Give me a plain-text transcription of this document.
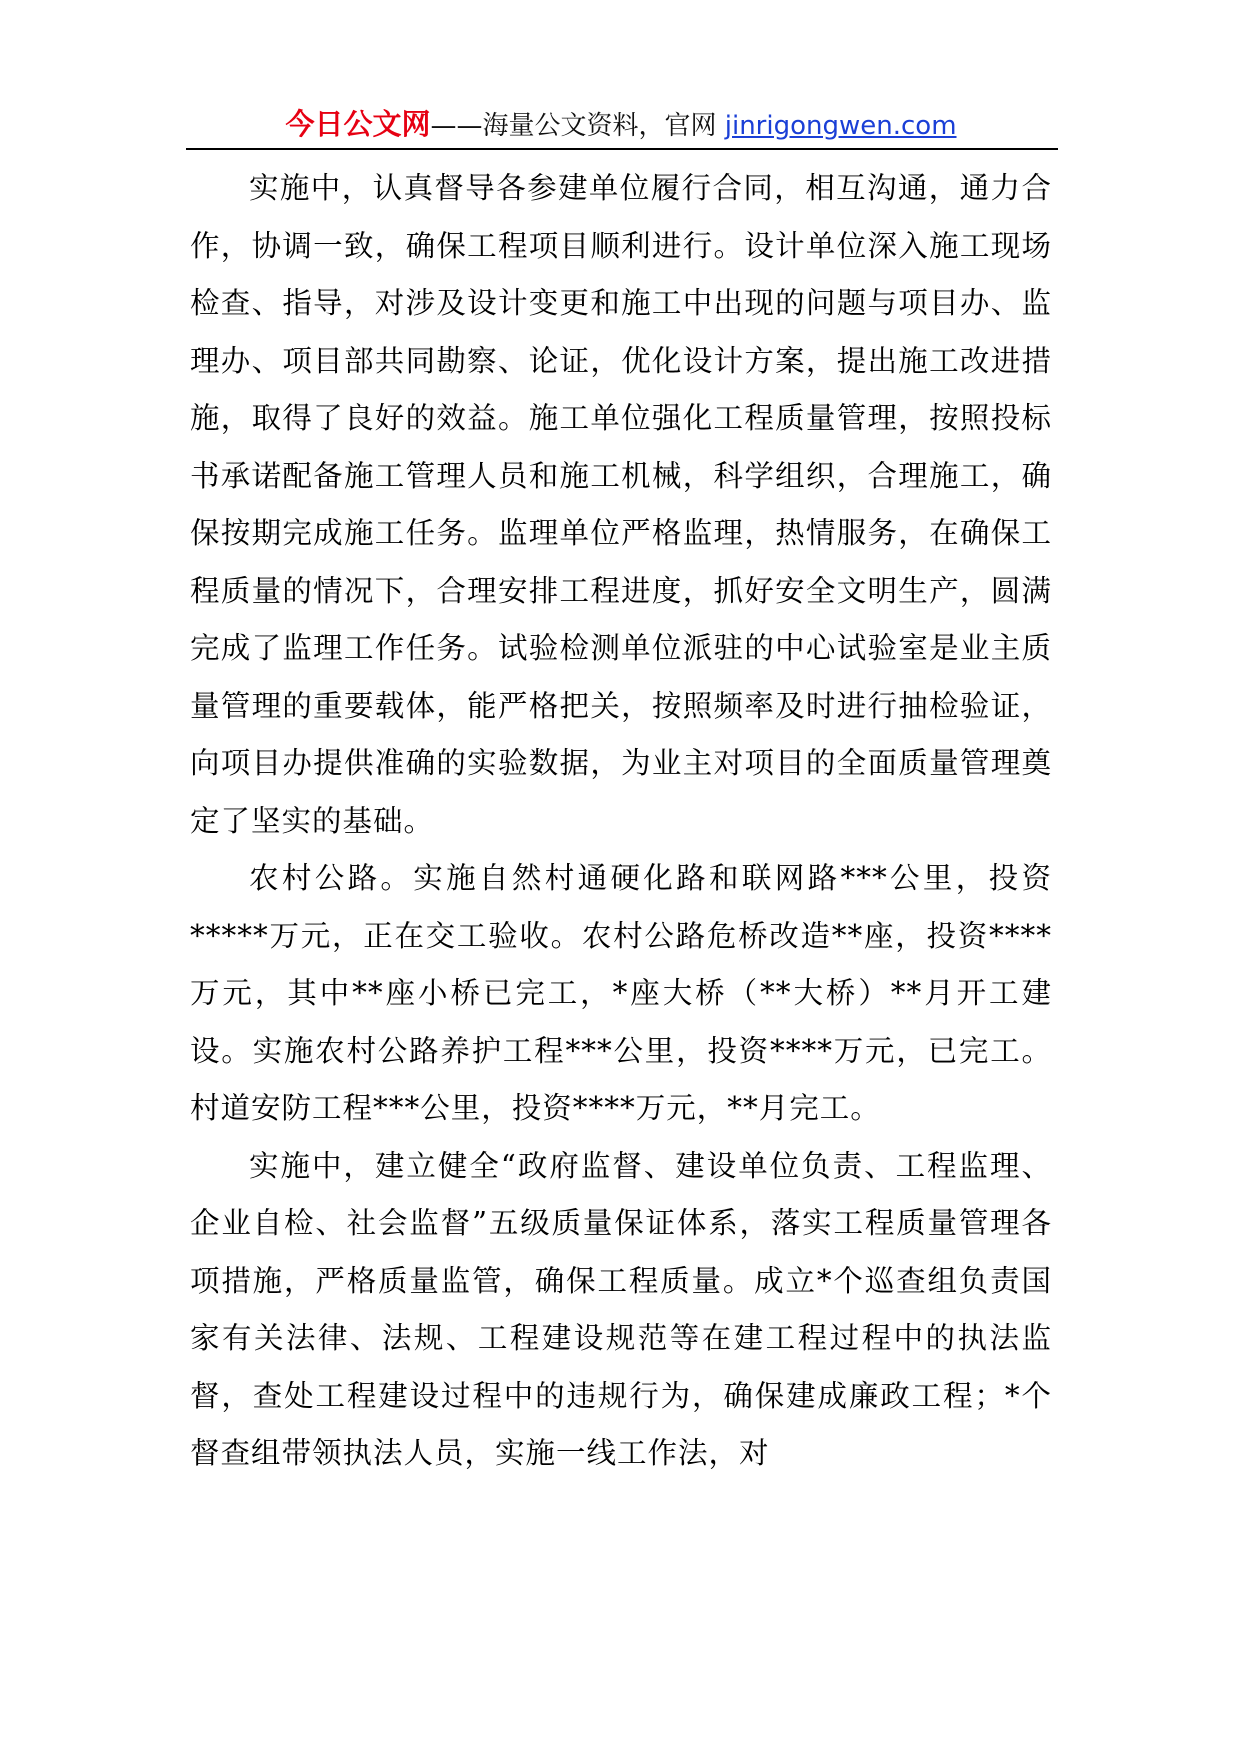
今日公文网——海量公文资料，官网 jinrigongwen.com

实施中，认真督导各参建单位履行合同，相互沟通，通力合作，协调一致，确保工程项目顺利进行。设计单位深入施工现场检查、指导，对涉及设计变更和施工中出现的问题与项目办、监理办、项目部共同勘察、论证，优化设计方案，提出施工改进措施，取得了良好的效益。施工单位强化工程质量管理，按照投标书承诺配备施工管理人员和施工机械，科学组织，合理施工，确保按期完成施工任务。监理单位严格监理，热情服务，在确保工程质量的情况下，合理安排工程进度，抓好安全文明生产，圆满完成了监理工作任务。试验检测单位派驻的中心试验室是业主质量管理的重要载体，能严格把关，按照频率及时进行抽检验证，向项目办提供准确的实验数据，为业主对项目的全面质量管理奠定了坚实的基础。

农村公路。实施自然村通硬化路和联网路***公里，投资*****万元，正在交工验收。农村公路危桥改造**座，投资****万元，其中**座小桥已完工，*座大桥（**大桥）**月开工建设。实施农村公路养护工程***公里，投资****万元，已完工。村道安防工程***公里，投资****万元，**月完工。

实施中，建立健全“政府监督、建设单位负责、工程监理、企业自检、社会监督”五级质量保证体系，落实工程质量管理各项措施，严格质量监管，确保工程质量。成立*个巡查组负责国家有关法律、法规、工程建设规范等在建工程过程中的执法监督，查处工程建设过程中的违规行为，确保建成廉政工程；*个督查组带领执法人员，实施一线工作法，对
